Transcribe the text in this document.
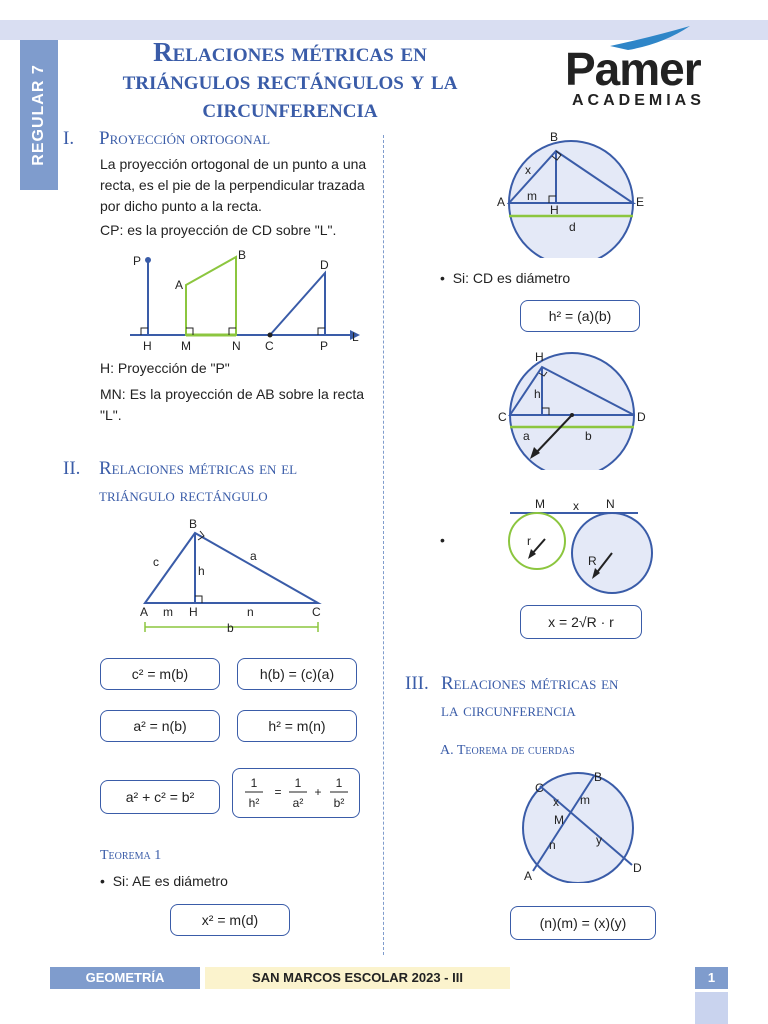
REGULAR 7
Relaciones métricas en
triángulos rectángulos y la
circunferencia
Pamer
ACADEMIAS
I. Proyección ortogonal
La proyección ortogonal de un punto a una recta, es el pie de la perpendicular trazada por dicho punto a la recta.
CP: es la proyección de CD sobre "L".
P
A
B
D
H M	N C	P
L
H: Proyección de "P"
MN: Es la proyección de AB sobre la recta "L".
II. Relaciones métricas en el
triángulo rectángulo
B
c	a
h
A m H	n	C
b
c² = m(b)	h(b) = (c)(a)
a² = n(b)	h² = m(n)
a² + c² = b²
1
h²
=
1
a²
+
1
b²
Teorema 1
•  Si: AE es diámetro
x² = m(d)
B
x
m
A
H
E
d
•  Si: CD es diámetro
h² = (a)(b)
H
h
C	D
a	b
•
M x N
r
R
x = 2√R · r
III. Relaciones métricas en
la circunferencia
A. Teorema de cuerdas
C
B
x m
M
y
n
A
D
(n)(m) = (x)(y)
GEOMETRÍA	SAN MARCOS ESCOLAR 2023 - III	1
